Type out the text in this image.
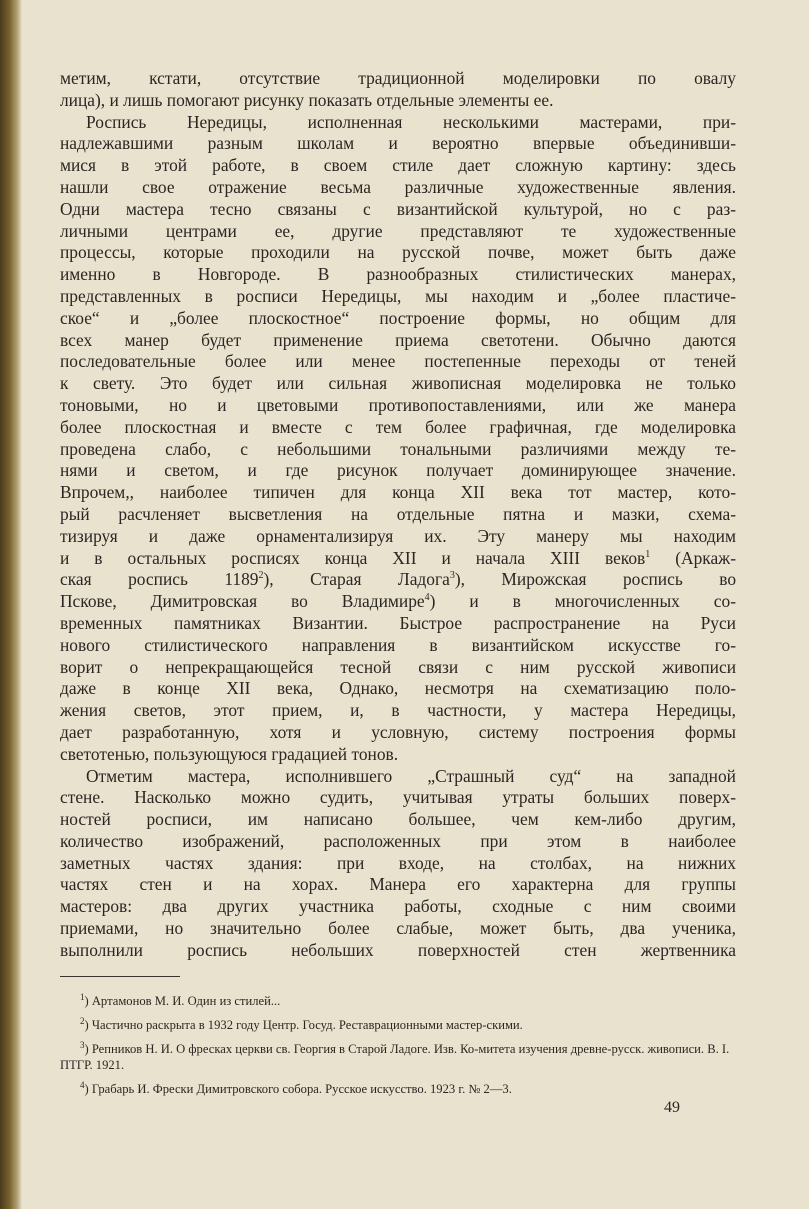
метим, кстати, отсутствие традиционной моделировки по овалу
лица), и лишь помогают рисунку показать отдельные элементы ее.

Роспись Нередицы, исполненная несколькими мастерами, при-
надлежавшими разным школам и вероятно впервые объединивши-
мися в этой работе, в своем стиле дает сложную картину: здесь
нашли свое отражение весьма различные художественные явления.
Одни мастера тесно связаны с византийской культурой, но с раз-
личными центрами ее, другие представляют те художественные
процессы, которые проходили на русской почве, может быть даже
именно в Новгороде. В разнообразных стилистических манерах,
представленных в росписи Нередицы, мы находим и „более пластиче-
ское“ и „более плоскостное“ построение формы, но общим для
всех манер будет применение приема светотени. Обычно даются
последовательные более или менее постепенные переходы от теней
к свету. Это будет или сильная живописная моделировка не только
тоновыми, но и цветовыми противопоставлениями, или же манера
более плоскостная и вместе с тем более графичная, где моделировка
проведена слабо, с небольшими тональными различиями между те-
нями и светом, и где рисунок получает доминирующее значение.
Впрочем,, наиболее типичен для конца XII века тот мастер, кото-
рый расчленяет высветления на отдельные пятна и мазки, схема-
тизируя и даже орнаментализируя их. Эту манеру мы находим
и в остальных росписях конца XII и начала XIII веков$^1$ (Аркаж-
ская роспись 1189$^2$), Старая Ладога$^3$), Мирожская роспись во
Пскове, Димитровская во Владимире$^4$) и в многочисленных со-
временных памятниках Византии. Быстрое распространение на Руси
нового стилистического направления в византийском искусстве го-
ворит о непрекращающейся тесной связи с ним русской живописи
даже в конце XII века, Однако, несмотря на схематизацию поло-
жения светов, этот прием, и, в частности, у мастера Нередицы,
дает разработанную, хотя и условную, систему построения формы
светотенью, пользующуюся градацией тонов.

Отметим мастера, исполнившего „Страшный суд“ на западной
стене. Насколько можно судить, учитывая утраты больших поверх-
ностей росписи, им написано большее, чем кем-либо другим,
количество изображений, расположенных при этом в наиболее
заметных частях здания: при входе, на столбах, на нижних
частях стен и на хорах. Манера его характерна для группы
мастеров: два других участника работы, сходные с ним своими
приемами, но значительно более слабые, может быть, два ученика,
выполнили роспись небольших поверхностей стен жертвенника

$^1$) Артамонов М. И. Один из стилей...

$^2$) Частично раскрыта в 1932 году Центр. Госуд. Реставрационными мастер-скими.

$^3$) Репников Н. И. О фресках церкви св. Георгия в Старой Ладоге. Изв. Ко-митета изучения древне-русск. живописи. В. I. ПТГР. 1921.

$^4$) Грабарь И. Фрески Димитровского собора. Русское искусство. 1923 г. № 2—3.

49
